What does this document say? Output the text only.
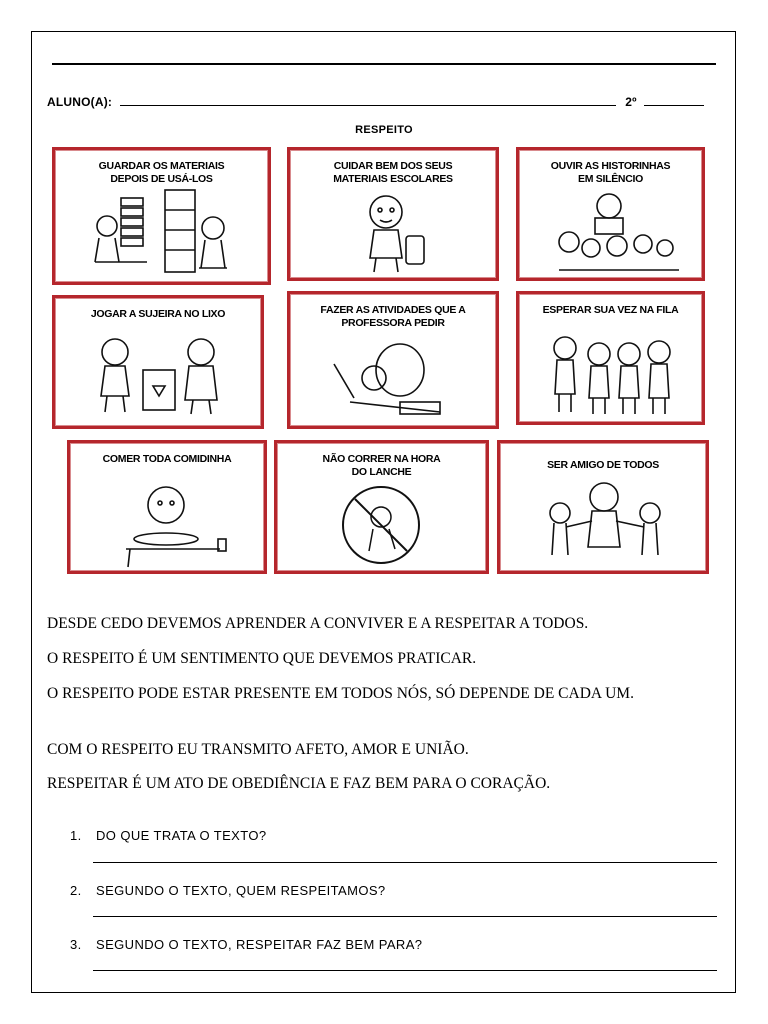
ALUNO(A):	2º
RESPEITO
GUARDAR OS MATERIAIS DEPOIS DE USÁ-LOS
CUIDAR BEM DOS SEUS MATERIAIS ESCOLARES
OUVIR AS HISTORINHAS EM SILÊNCIO
JOGAR A SUJEIRA NO LIXO	FAZER AS ATIVIDADES QUE A PROFESSORA PEDIR
ESPERAR SUA VEZ NA FILA
COMER TODA COMIDINHA	NÃO CORRER NA HORA DO LANCHE
SER AMIGO DE TODOS
DESDE CEDO DEVEMOS APRENDER A CONVIVER E A RESPEITAR A TODOS.
O RESPEITO É UM SENTIMENTO QUE DEVEMOS PRATICAR.
O RESPEITO PODE ESTAR PRESENTE EM TODOS NÓS, SÓ DEPENDE DE CADA UM.
COM O RESPEITO EU TRANSMITO AFETO, AMOR E UNIÃO.
RESPEITAR É UM ATO DE OBEDIÊNCIA E FAZ BEM PARA O CORAÇÃO.
1. DO QUE TRATA O TEXTO?
2. SEGUNDO O TEXTO, QUEM RESPEITAMOS?
3. SEGUNDO O TEXTO, RESPEITAR FAZ BEM PARA?
